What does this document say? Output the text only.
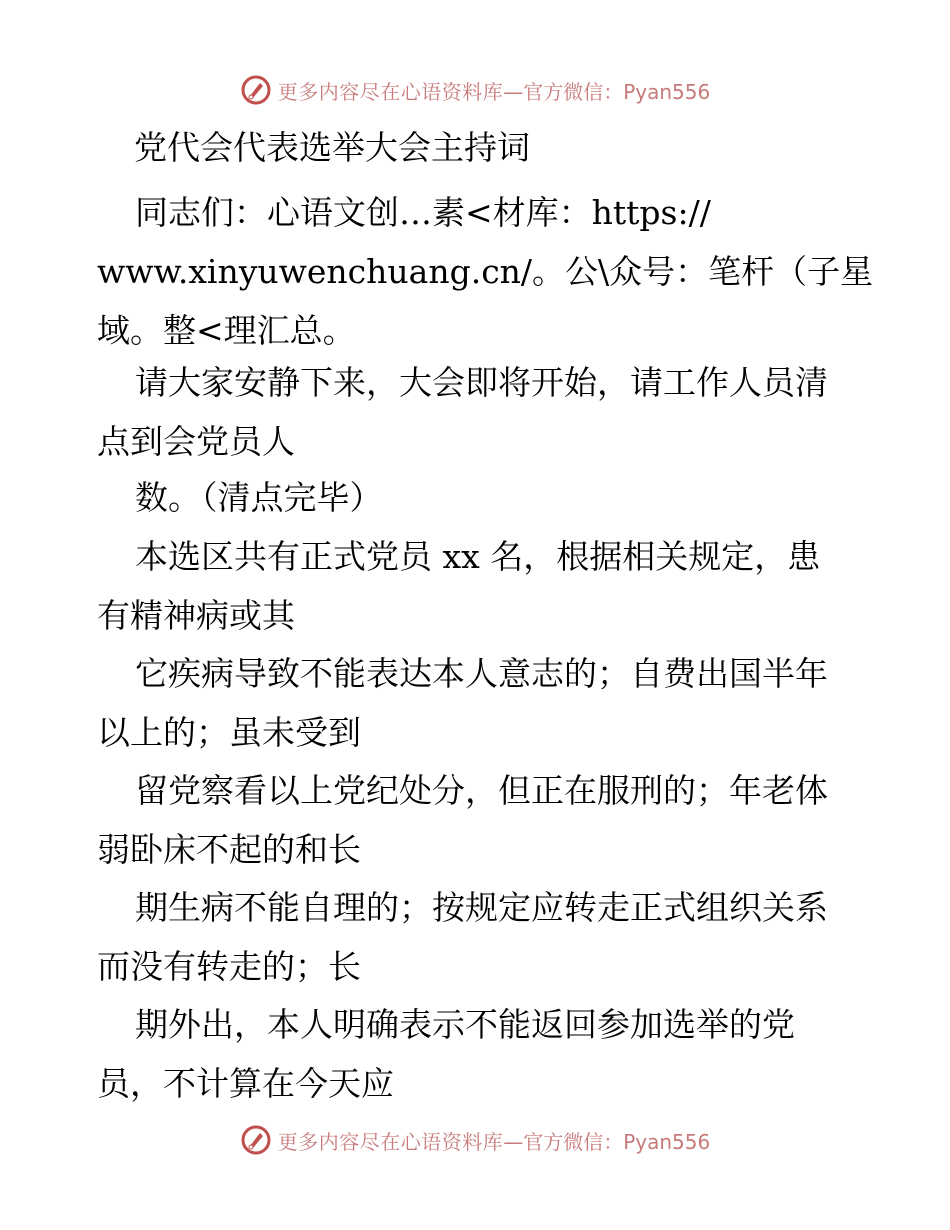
更多内容尽在心语资料库 —官方微信：Pyan556
党代会代表选举大会主持词
同志们：心语文创…素<材库：https://
www.xinyuwenchuang.cn/。公\众号：笔杆（子星
域。整<理汇总。
请大家安静下来，大会即将开始，请工作人员清
点到会党员人
数。（清点完毕）
本选区共有正式党员 xx 名，根据相关规定，患
有精神病或其
它疾病导致不能表达本人意志的；自费出国半年
以上的；虽未受到
留党察看以上党纪处分，但正在服刑的；年老体
弱卧床不起的和长
期生病不能自理的；按规定应转走正式组织关系
而没有转走的；长
期外出，本人明确表示不能返回参加选举的党
员，不计算在今天应
更多内容尽在心语资料库 —官方微信：Pyan556
